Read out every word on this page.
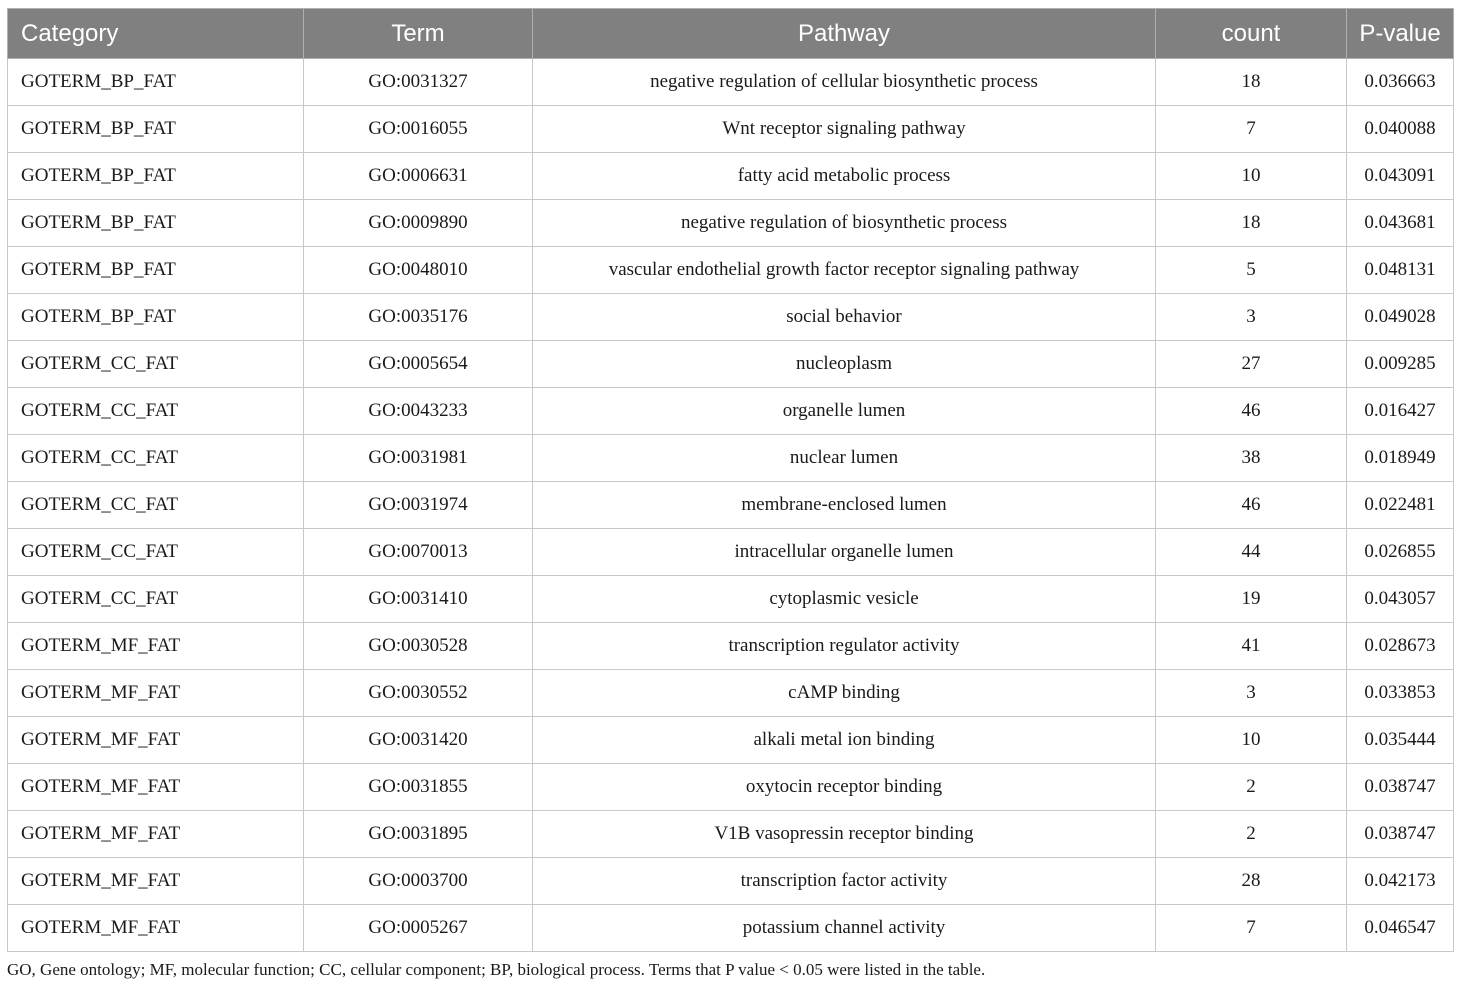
Category	Term	Pathway	count	P-value
GOTERM_BP_FAT	GO:0031327	negative regulation of cellular biosynthetic process	18	0.036663
GOTERM_BP_FAT	GO:0016055	Wnt receptor signaling pathway	7	0.040088
GOTERM_BP_FAT	GO:0006631	fatty acid metabolic process	10	0.043091
GOTERM_BP_FAT	GO:0009890	negative regulation of biosynthetic process	18	0.043681
GOTERM_BP_FAT	GO:0048010	vascular endothelial growth factor receptor signaling pathway	5	0.048131
GOTERM_BP_FAT	GO:0035176	social behavior	3	0.049028
GOTERM_CC_FAT	GO:0005654	nucleoplasm	27	0.009285
GOTERM_CC_FAT	GO:0043233	organelle lumen	46	0.016427
GOTERM_CC_FAT	GO:0031981	nuclear lumen	38	0.018949
GOTERM_CC_FAT	GO:0031974	membrane-enclosed lumen	46	0.022481
GOTERM_CC_FAT	GO:0070013	intracellular organelle lumen	44	0.026855
GOTERM_CC_FAT	GO:0031410	cytoplasmic vesicle	19	0.043057
GOTERM_MF_FAT	GO:0030528	transcription regulator activity	41	0.028673
GOTERM_MF_FAT	GO:0030552	cAMP binding	3	0.033853
GOTERM_MF_FAT	GO:0031420	alkali metal ion binding	10	0.035444
GOTERM_MF_FAT	GO:0031855	oxytocin receptor binding	2	0.038747
GOTERM_MF_FAT	GO:0031895	V1B vasopressin receptor binding	2	0.038747
GOTERM_MF_FAT	GO:0003700	transcription factor activity	28	0.042173
GOTERM_MF_FAT	GO:0005267	potassium channel activity	7	0.046547
GO, Gene ontology; MF, molecular function; CC, cellular component; BP, biological process. Terms that P value < 0.05 were listed in the table.
